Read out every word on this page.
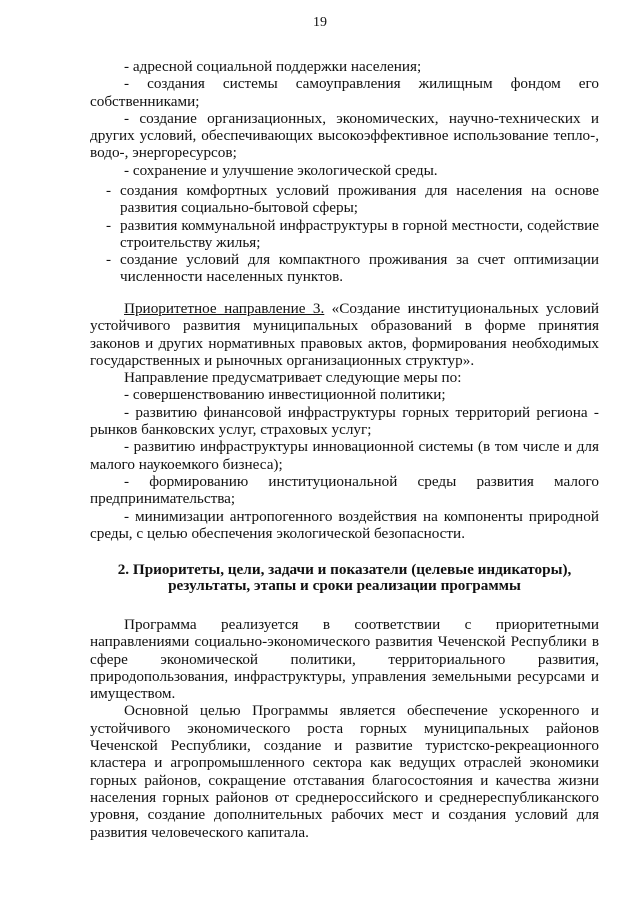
19

- адресной социальной поддержки населения;

- создания системы самоуправления жилищным фондом его собственниками;

- создание организационных, экономических, научно-технических и других условий, обеспечивающих высокоэффективное использование тепло-, водо-, энергоресурсов;

- сохранение и улучшение экологической среды.

- создания комфортных условий проживания для населения на основе развития социально-бытовой сферы;

- развития коммунальной инфраструктуры в горной местности, содействие строительству жилья;

- создание условий для компактного проживания за счет оптимизации численности населенных пунктов.

Приоритетное направление 3. «Создание институциональных условий устойчивого развития муниципальных образований в форме принятия законов и других нормативных правовых актов, формирования необходимых государственных и рыночных организационных структур».

Направление предусматривает следующие меры по:

- совершенствованию инвестиционной политики;

- развитию финансовой инфраструктуры горных территорий региона - рынков банковских услуг, страховых услуг;

- развитию инфраструктуры инновационной системы (в том числе и для малого наукоемкого бизнеса);

- формированию институциональной среды развития малого предпринимательства;

- минимизации антропогенного воздействия на компоненты природной среды, с целью обеспечения экологической безопасности.

2. Приоритеты, цели, задачи и показатели (целевые индикаторы),

результаты, этапы и сроки реализации программы

Программа реализуется в соответствии с приоритетными направлениями социально-экономического развития Чеченской Республики в сфере экономической политики, территориального развития, природопользования, инфраструктуры, управления земельными ресурсами и имуществом.

Основной целью Программы является обеспечение ускоренного и устойчивого экономического роста горных муниципальных районов Чеченской Республики, создание и развитие туристско-рекреационного кластера и агропромышленного сектора как ведущих отраслей экономики горных районов, сокращение отставания благосостояния и качества жизни населения горных районов от среднероссийского и среднереспубликанского уровня, создание дополнительных рабочих мест и создания условий для развития человеческого капитала.
